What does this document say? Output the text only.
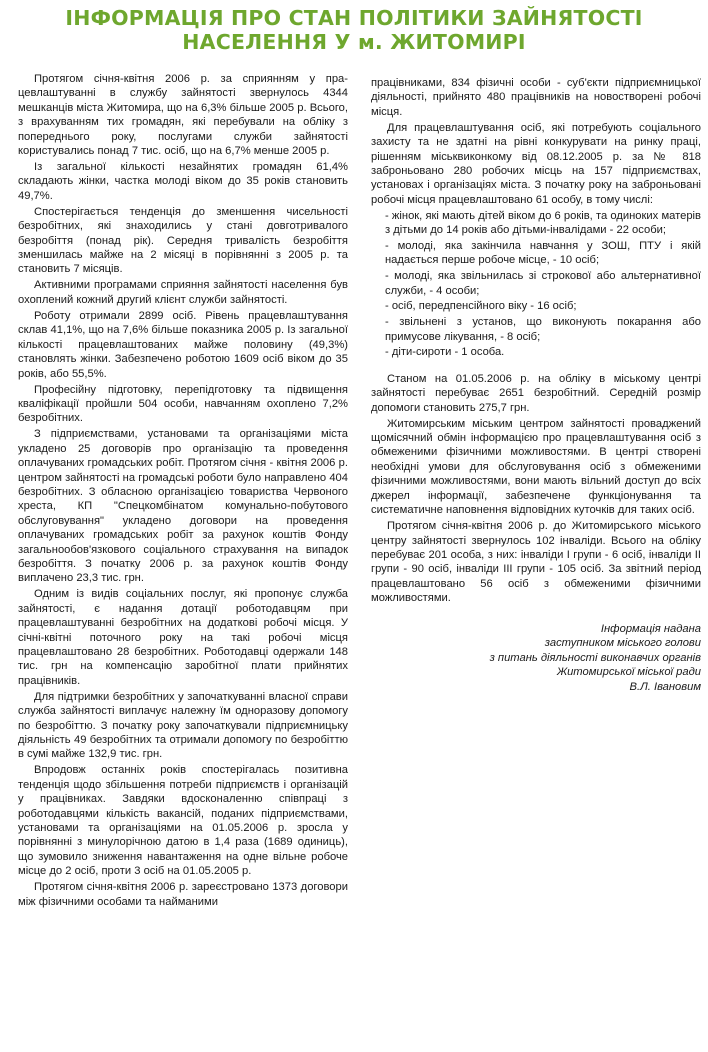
ІНФОРМАЦІЯ ПРО СТАН ПОЛІТИКИ ЗАЙНЯТОСТІ
НАСЕЛЕННЯ У м. ЖИТОМИРІ

Протягом січня-квітня 2006 р. за сприянням у працевлаштуванні в службу зайнятості звернулось 4344 мешканців міста Житомира, що на 6,3% більше 2005 р. Всього, з врахуванням тих громадян, які перебували на обліку з попереднього року, послугами служби зайнятості користувались понад 7 тис. осіб, що на 6,7% менше 2005 р.

Із загальної кількості незайнятих громадян 61,4% складають жінки, частка молоді віком до 35 років становить 49,7%.

Спостерігається тенденція до зменшення чисельності безробітних, які знаходились у стані довготривалого безробіття (понад рік). Середня тривалість безробіття зменшилась майже на 2 місяці в порівнянні з 2005 р. та становить 7 місяців.

Активними програмами сприяння зайнятості населення був охоплений кожний другий клієнт служби зайнятості.

Роботу отримали 2899 осіб. Рівень працевлаштування склав 41,1%, що на 7,6% більше показника 2005 р. Із загальної кількості працевлаштованих майже половину (49,3%) становлять жінки. Забезпечено роботою 1609 осіб віком до 35 років, або 55,5%.

Професійну підготовку, перепідготовку та підвищення кваліфікації пройшли 504 особи, навчанням охоплено 7,2% безробітних.

З підприємствами, установами та організаціями міста укладено 25 договорів про організацію та проведення оплачуваних громадських робіт. Протягом січня - квітня 2006 р. центром зайнятості на громадські роботи було направлено 404 безробітних. З обласною організацією товариства Червоного хреста, КП "Спецкомбінатом комунально-побутового обслуговування" укладено договори на проведення оплачуваних громадських робіт за рахунок коштів Фонду загальнообов'язкового соціального страхування на випадок безробіття. З початку 2006 р. за рахунок коштів Фонду виплачено 23,3 тис. грн.

Одним із видів соціальних послуг, які пропонує служба зайнятості, є надання дотації роботодавцям при працевлаштуванні безробітних на додаткові робочі місця. У січні-квітні поточного року на такі робочі місця працевлаштовано 28 безробітних. Роботодавці одержали 148 тис. грн на компенсацію заробітної плати прийнятих працівників.

Для підтримки безробітних у започаткуванні власної справи служба зайнятості виплачує належну їм одноразову допомогу по безробіттю. З початку року започаткували підприємницьку діяльність 49 безробітних та отримали допомогу по безробіттю в сумі майже 132,9 тис. грн.

Впродовж останніх років спостерігалась позитивна тенденція щодо збільшення потреби підприємств і організацій у працівниках. Завдяки вдосконаленню співпраці з роботодавцями кількість вакансій, поданих підприємствами, установами та організаціями на 01.05.2006 р. зросла у порівнянні з минулорічною датою в 1,4 раза (1689 одиниць), що зумовило зниження навантаження на одне вільне робоче місце до 2 осіб, проти 3 осіб на 01.05.2005 р.

Протягом січня-квітня 2006 р. зареєстровано 1373 договори між фізичними особами та найманими

працівниками, 834 фізичні особи - суб'єкти підприємницької діяльності, прийнято 480 працівників на новостворені робочі місця.

Для працевлаштування осіб, які потребують соціального захисту та не здатні на рівні конкурувати на ринку праці, рішенням міськвиконкому від 08.12.2005 р. за № 818 заброньовано 280 робочих місць на 157 підприємствах, установах і організаціях міста. З початку року на заброньовані робочі місця працевлаштовано 61 особу, в тому числі:

- жінок, які мають дітей віком до 6 років, та одиноких матерів з дітьми до 14 років або дітьми-інвалідами - 22 особи;

- молоді, яка закінчила навчання у ЗОШ, ПТУ і якій надається перше робоче місце, - 10 осіб;

- молоді, яка звільнилась зі строкової або альтернативної служби, - 4 особи;

- осіб, передпенсійного віку - 16 осіб;

- звільнені з установ, що виконують покарання або примусове лікування, - 8 осіб;

- діти-сироти - 1 особа.

Станом на 01.05.2006 р. на обліку в міському центрі зайнятості перебуває 2651 безробітний. Середній розмір допомоги становить 275,7 грн.

Житомирським міським центром зайнятості проваджений щомісячний обмін інформацією про працевлаштування осіб з обмеженими фізичними можливостями. В центрі створені необхідні умови для обслуговування осіб з обмеженими фізичними можливостями, вони мають вільний доступ до всіх джерел інформації, забезпечене функціонування та систематичне наповнення відповідних куточків для таких осіб.

Протягом січня-квітня 2006 р. до Житомирського міського центру зайнятості звернулось 102 інваліди. Всього на обліку перебуває 201 особа, з них: інваліди I групи - 6 осіб, інваліди II групи - 90 осіб, інваліди III групи - 105 осіб. За звітний період працевлаштовано 56 осіб з обмеженими фізичними можливостями.

Інформація надана
заступником міського голови
з питань діяльності виконавчих органів
Житомирської міської ради
В.Л. Івановим
